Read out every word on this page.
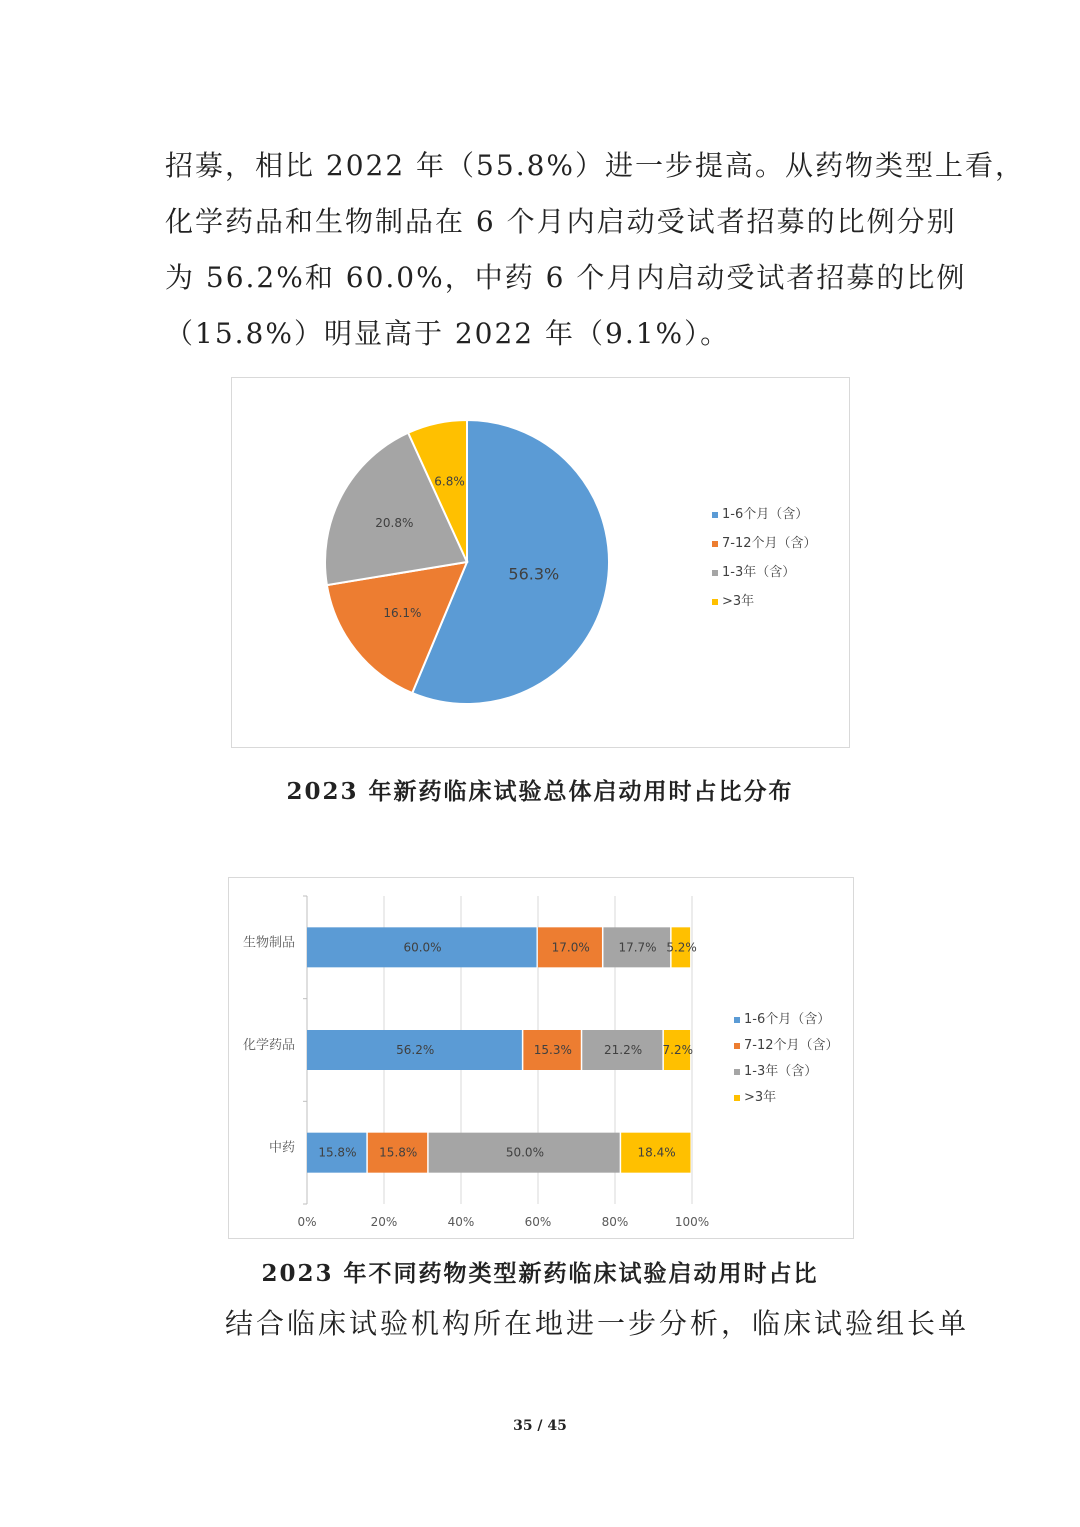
招募，相比 2022 年（55.8%）进一步提高。从药物类型上看，
化学药品和生物制品在 6 个月内启动受试者招募的比例分别
为 56.2%和 60.0%，中药 6 个月内启动受试者招募的比例
（15.8%）明显高于 2022 年（9.1%）。
56.3%
16.1%
20.8%
6.8%
1-6个月（含）
7-12个月（含）
1-3年（含）
>3年
2023 年新药临床试验总体启动用时占比分布
0%	20%	40%	60%	80%	100%
生物制品	60.0%	17.0% 17.7% 5.2%
化学药品	56.2%	15.3%	21.2% 7.2%
中药 15.8% 15.8%	50.0%	18.4%
1-6个月（含）
7-12个月（含）
1-3年（含）
>3年
2023 年不同药物类型新药临床试验启动用时占比
结合临床试验机构所在地进一步分析，临床试验组长单
35 / 45
